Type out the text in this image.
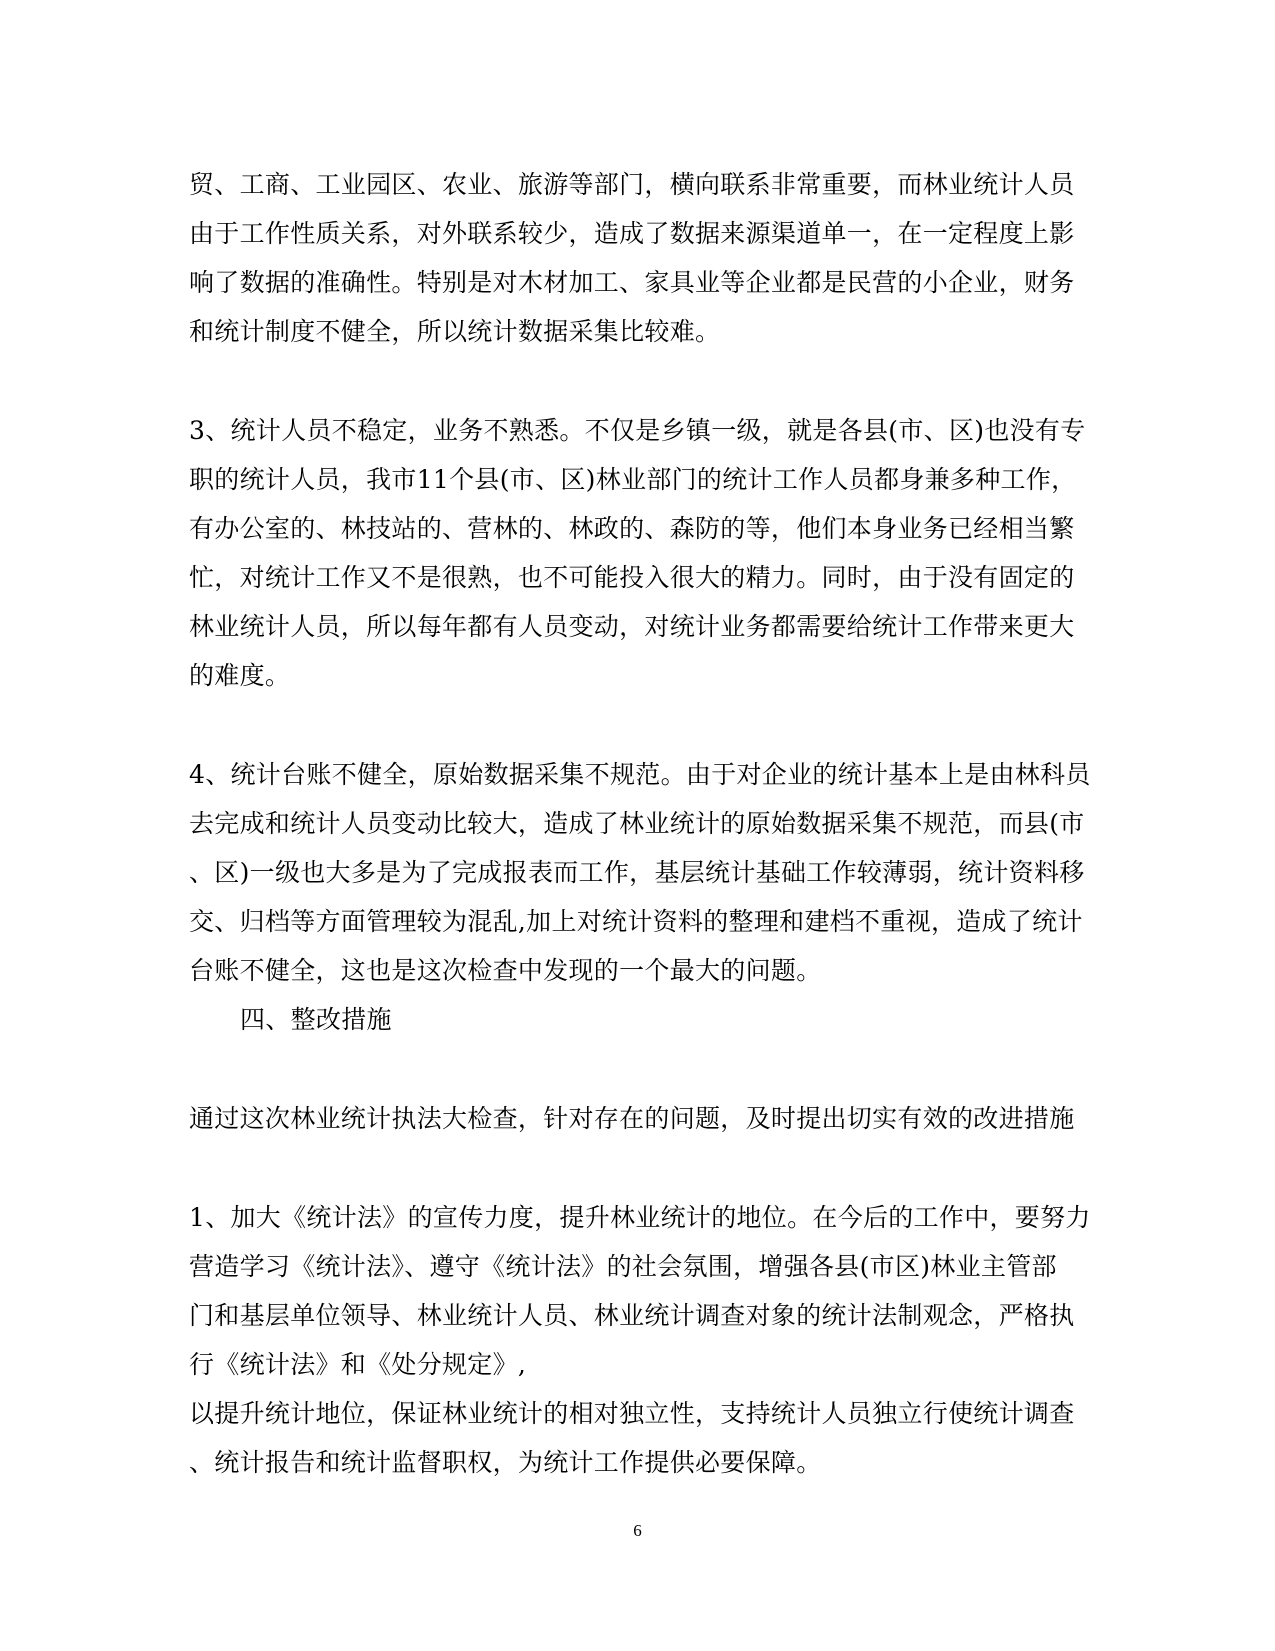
贸、工商、工业园区、农业、旅游等部门，横向联系非常重要，而林业统计人员
由于工作性质关系，对外联系较少，造成了数据来源渠道单一，在一定程度上影
响了数据的准确性。特别是对木材加工、家具业等企业都是民营的小企业，财务
和统计制度不健全，所以统计数据采集比较难。
3、统计人员不稳定，业务不熟悉。不仅是乡镇一级，就是各县(市、区)也没有专
职的统计人员，我市11个县(市、区)林业部门的统计工作人员都身兼多种工作，
有办公室的、林技站的、营林的、林政的、森防的等，他们本身业务已经相当繁
忙，对统计工作又不是很熟，也不可能投入很大的精力。同时，由于没有固定的
林业统计人员，所以每年都有人员变动，对统计业务都需要给统计工作带来更大
的难度。
4、统计台账不健全，原始数据采集不规范。由于对企业的统计基本上是由林科员
去完成和统计人员变动比较大，造成了林业统计的原始数据采集不规范，而县(市
、区)一级也大多是为了完成报表而工作，基层统计基础工作较薄弱，统计资料移
交、归档等方面管理较为混乱,加上对统计资料的整理和建档不重视，造成了统计
台账不健全，这也是这次检查中发现的一个最大的问题。
四、整改措施
通过这次林业统计执法大检查，针对存在的问题，及时提出切实有效的改进措施
1、加大《统计法》的宣传力度，提升林业统计的地位。在今后的工作中，要努力
营造学习《统计法》、遵守《统计法》的社会氛围，增强各县(市区)林业主管部
门和基层单位领导、林业统计人员、林业统计调查对象的统计法制观念，严格执
行《统计法》和《处分规定》,
以提升统计地位，保证林业统计的相对独立性，支持统计人员独立行使统计调查
、统计报告和统计监督职权，为统计工作提供必要保障。
6
